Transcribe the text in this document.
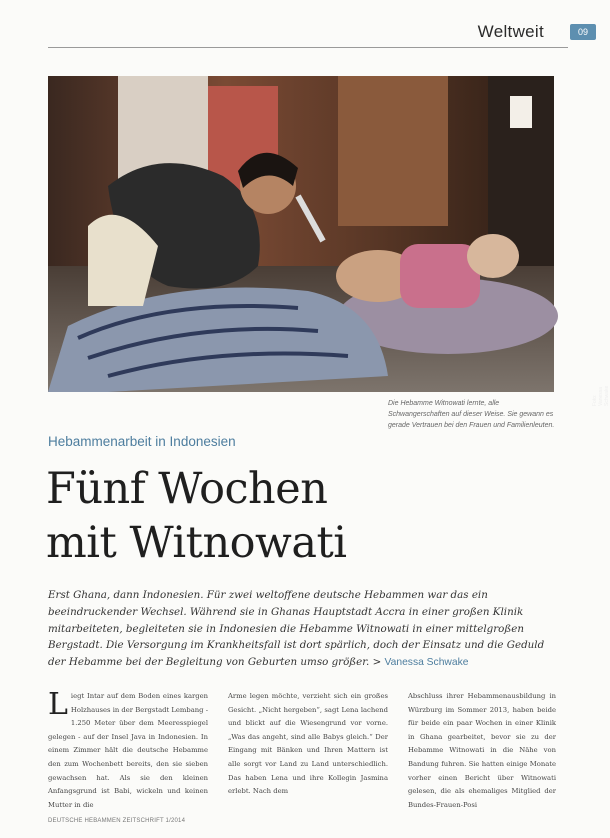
Weltweit	09
Foto: Vanessa Schwake
Die Hebamme Witnowati lernte, alle Schwangerschaften auf dieser Weise. Sie gewann es gerade Vertrauen bei den Frauen und Familienleuten.
Hebammenarbeit in Indonesien
Fünf Wochen
mit Witnowati

Erst Ghana, dann Indonesien. Für zwei weltoffene deutsche Hebammen war das ein beeindruckender Wechsel. Während sie in Ghanas Hauptstadt Accra in einer großen Klinik mitarbeiteten, begleiteten sie in Indonesien die Hebamme Witnowati in einer mittelgroßen Bergstadt. Die Versorgung im Krankheitsfall ist dort spärlich, doch der Einsatz und die Geduld der Hebamme bei der Begleitung von Geburten umso größer. > Vanessa Schwake

Liegt Intar auf dem Boden eines kargen Holzhauses in der Bergstadt Lembang - 1.250 Meter über dem Meeresspiegel gelegen - auf der Insel Java in Indonesien. In einem Zimmer hält die deutsche Hebamme den zum Wochenbett bereits, den sie sieben gewachsen hat. Als sie den kleinen Anfangsgrund ist Babi, wickeln und keinen Mutter in die

Arme legen möchte, verzieht sich ein großes Gesicht. „Nicht hergeben“, sagt Lena lachend und blickt auf die Wiesengrund vor vorne. „Was das angeht, sind alle Babys gleich.“ Der Eingang mit Bänken und Ihren Mattern ist alle sorgt vor Land zu Land unterschiedlich. Das haben Lena und ihre Kollegin Jasmina erlebt. Nach dem

Abschluss ihrer Hebammenausbildung in Würzburg im Sommer 2013, haben beide für beide ein paar Wochen in einer Klinik in Ghana gearbeitet, bevor sie zu der Hebamme Witnowati in die Nähe von Bandung fuhren. Sie hatten einige Monate vorher einen Bericht über Witnowati gelesen, die als ehemaliges Mitglied der Bundes-Frauen-Posi

DEUTSCHE HEBAMMEN ZEITSCHRIFT 1/2014
